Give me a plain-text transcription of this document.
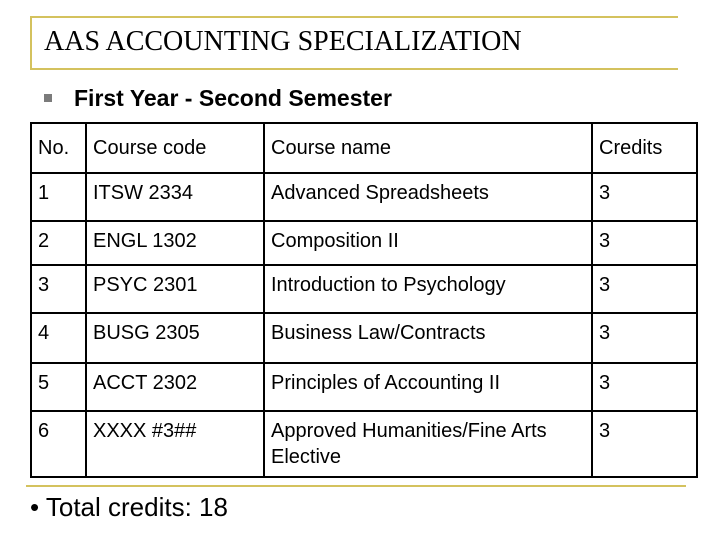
AAS ACCOUNTING SPECIALIZATION
First Year - Second Semester
No.	Course code	Course name	Credits
1	ITSW 2334	Advanced Spreadsheets	3
2	ENGL 1302	Composition II	3
3	PSYC 2301	Introduction to Psychology	3
4	BUSG 2305	Business Law/Contracts	3
5	ACCT 2302	Principles of Accounting II	3
6	XXXX #3##	Approved Humanities/Fine Arts Elective	3
• Total credits: 18
